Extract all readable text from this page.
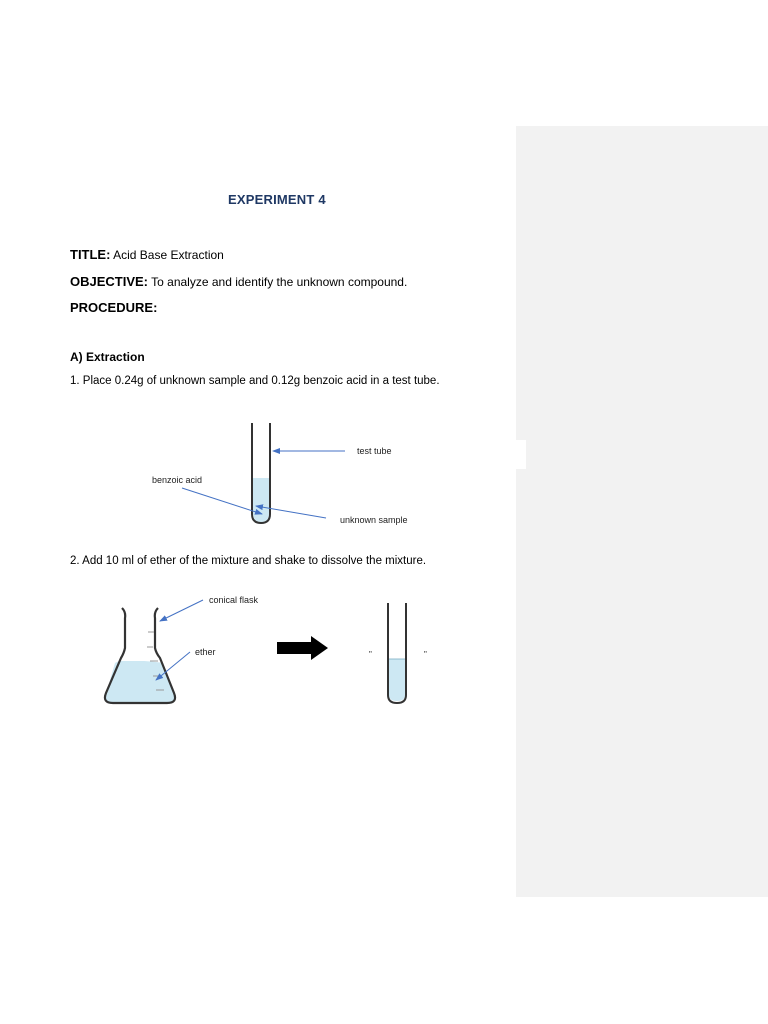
EXPERIMENT 4
TITLE: Acid Base Extraction
OBJECTIVE: To analyze and identify the unknown compound.
PROCEDURE:
A) Extraction
1. Place 0.24g of unknown sample and 0.12g benzoic acid in a test tube.
2. Add 10 ml of ether of the mixture and shake to dissolve the mixture.
test tube
benzoic acid
unknown sample
conical flask
ether	"	"
